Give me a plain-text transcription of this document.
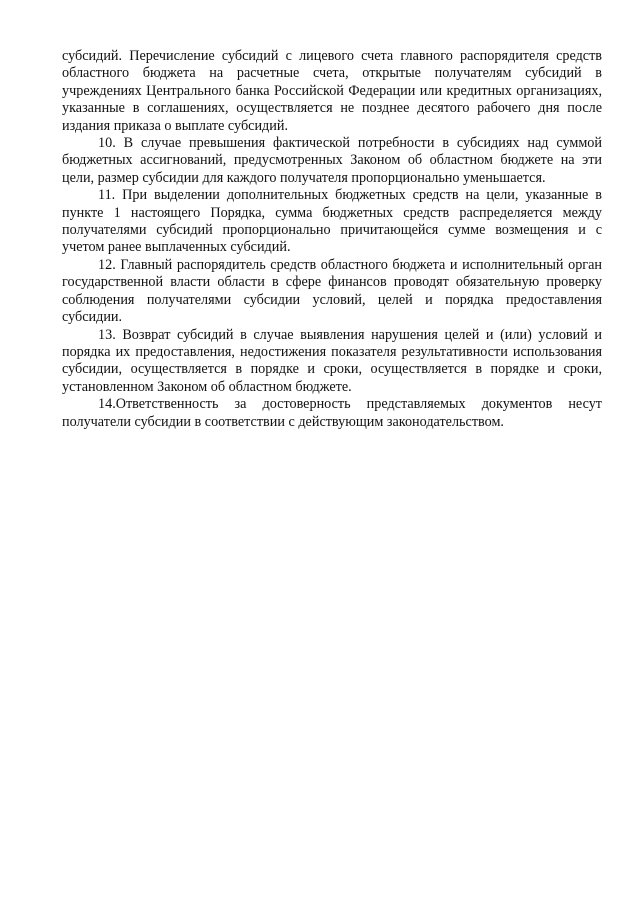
субсидий. Перечисление субсидий с лицевого счета главного распорядителя средств областного бюджета на расчетные счета, открытые получателям субсидий в учреждениях Центрального банка Российской Федерации или кредитных организациях, указанные в соглашениях, осуществляется не позднее десятого рабочего дня после издания приказа о выплате субсидий.

10. В случае превышения фактической потребности в субсидиях над суммой бюджетных ассигнований, предусмотренных Законом об областном бюджете на эти цели, размер субсидии для каждого получателя пропорционально уменьшается.

11. При выделении дополнительных бюджетных средств на цели, указанные в пункте 1 настоящего Порядка, сумма бюджетных средств распределяется между получателями субсидий пропорционально причитающейся сумме возмещения и с учетом ранее выплаченных субсидий.

12. Главный распорядитель средств областного бюджета и исполнительный орган государственной власти области в сфере финансов проводят обязательную проверку соблюдения получателями субсидии условий, целей и порядка предоставления субсидии.

13. Возврат субсидий в случае выявления нарушения целей и (или) условий и порядка их предоставления, недостижения показателя результативности использования субсидии, осуществляется в порядке и сроки, осуществляется в порядке и сроки, установленном Законом об областном бюджете.

14.Ответственность за достоверность представляемых документов несут получатели субсидии в соответствии с действующим законодательством.
